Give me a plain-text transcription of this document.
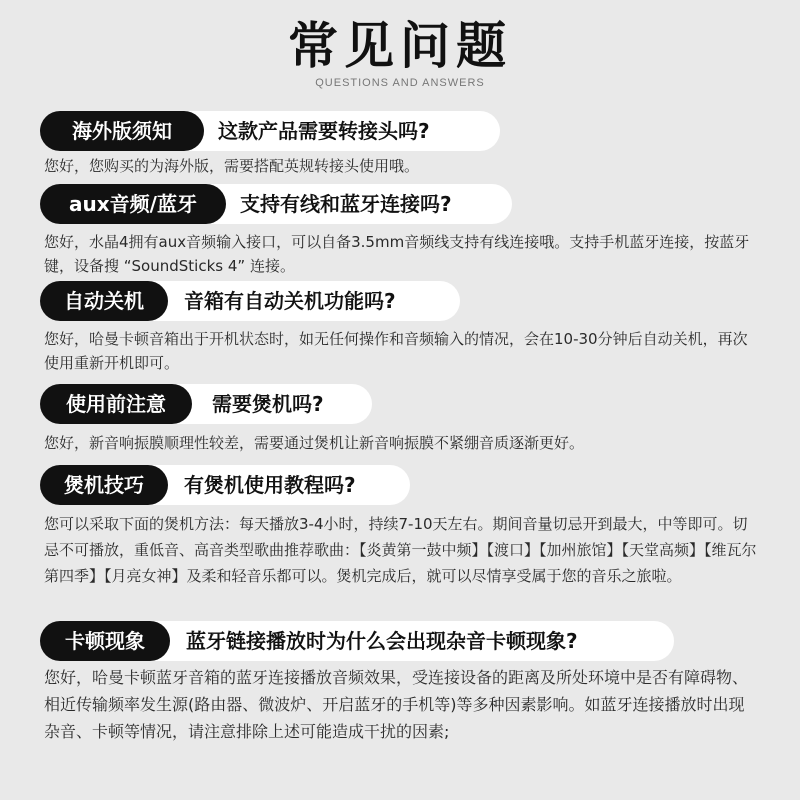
常见问题
QUESTIONS AND ANSWERS
海外版须知	这款产品需要转接头吗?
您好，您购买的为海外版，需要搭配英规转接头使用哦。
aux音频/蓝牙	支持有线和蓝牙连接吗?
您好，水晶4拥有aux音频输入接口，可以自备3.5mm音频线支持有线连接哦。支持手机蓝牙连接，按蓝牙键，设备搜 “SoundSticks 4” 连接。
自动关机	音箱有自动关机功能吗?
您好，哈曼卡顿音箱出于开机状态时，如无任何操作和音频输入的情况，会在10-30分钟后自动关机，再次使用重新开机即可。
使用前注意	需要煲机吗?
您好，新音响振膜顺理性较差，需要通过煲机让新音响振膜不紧绷音质逐渐更好。
煲机技巧	有煲机使用教程吗?
您可以采取下面的煲机方法：每天播放3-4小时，持续7-10天左右。期间音量切忌开到最大，中等即可。切忌不可播放，重低音、高音类型歌曲推荐歌曲：【炎黄第一鼓中频】【渡口】【加州旅馆】【天堂高频】【维瓦尔第四季】【月亮女神】及柔和轻音乐都可以。煲机完成后，就可以尽情享受属于您的音乐之旅啦。
卡顿现象	蓝牙链接播放时为什么会出现杂音卡顿现象?
您好，哈曼卡顿蓝牙音箱的蓝牙连接播放音频效果，受连接设备的距离及所处环境中是否有障碍物、相近传输频率发生源(路由器、微波炉、开启蓝牙的手机等)等多种因素影响。如蓝牙连接播放时出现杂音、卡顿等情况，请注意排除上述可能造成干扰的因素;
